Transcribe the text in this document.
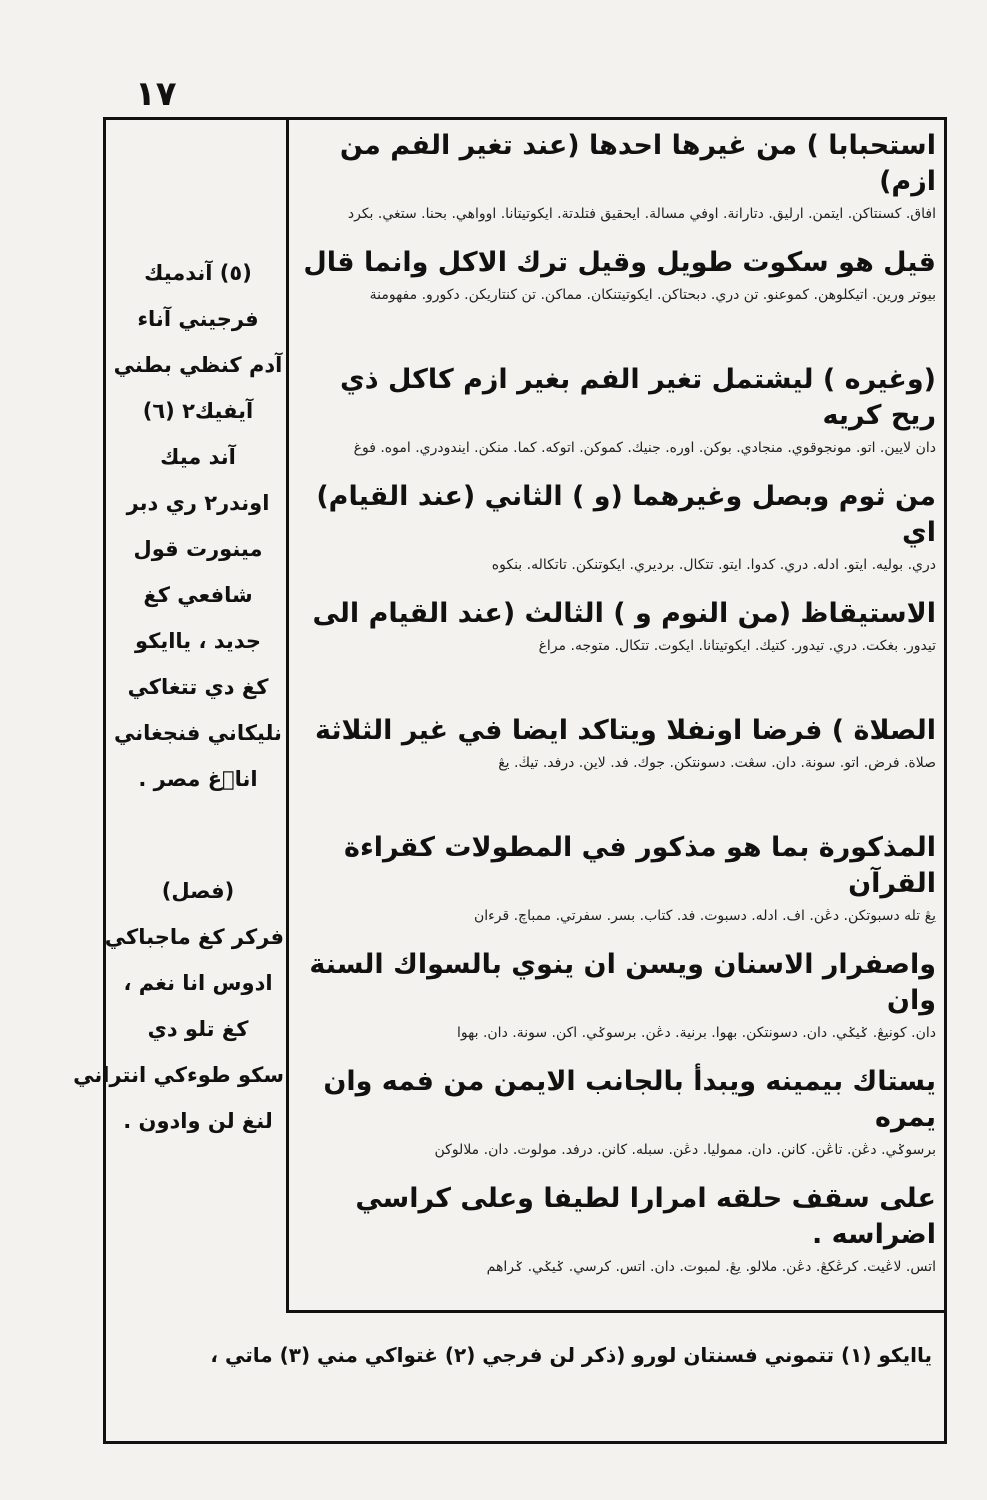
١٧
استحبابا ) من غيرها احدها (عند تغير الفم من ازم)
افاق. كسنتاكن. ايتمن. ارليق. دتارانة. اوفي مسالة. ايحقيق فتلدتة. ايكوتيتانا. اوواهي. بحنا. ستغي. بكرد
قيل هو سكوت طويل وقيل ترك الاكل وانما قال
بيوتر ورين. اتيكلوهن. كموعنو. تن دري. دبحتاكن. ايكوتيتنكان. مماكن. تن كنتاريكن. دكورو. مفهومنة
(وغيره ) ليشتمل تغير الفم بغير ازم كاكل ذي ريح كريه
دان لايين. اتو. مونجوقوي. منجادي. بوكن. اوره. جنيك. كموكن. اتوكه. كما. منكن. ايندودري. اموه. فوغ
من ثوم وبصل وغيرهما (و ) الثاني (عند القيام) اي
دري. بوليه. ايتو. ادله. دري. كدوا. ايتو. تتكال. برديري. ايكوتنكن. تاتكاله. بنكوه
الاستيقاظ (من النوم و ) الثالث (عند القيام الى
تيدور. بغكت. دري. تيدور. كتيك. ايكوتيتانا. ايكوت. تتكال. متوجه. مراغ
الصلاة ) فرضا اونفلا ويتاكد ايضا في غير الثلاثة
صلاة. فرض. اتو. سونة. دان. سڠت. دسونتكن. جوك. فد. لاين. درفد. تيڬ. يڠ
المذكورة بما هو مذكور في المطولات كقراءة القرآن
يڠ تله دسبوتكن. دڠن. اف. ادله. دسبوت. فد. كتاب. بسر. سفرتي. ممباچ. قرءان
واصفرار الاسنان ويسن ان ينوي بالسواك السنة وان
دان. كونيڠ. ݢيݢي. دان. دسونتكن. بهوا. برنية. دڠن. برسوݢي. اكن. سونة. دان. بهوا
يستاك بيمينه ويبدأ بالجانب الايمن من فمه وان يمره
برسوݢي. دڠن. تاڠن. كانن. دان. مموليا. دڠن. سبله. كانن. درفد. مولوت. دان. ملالوكن
على سقف حلقه امرارا لطيفا وعلى كراسي اضراسه .
اتس. لاڠيت. كرڠكڠ. دڠن. ملالو. يڠ. لمبوت. دان. اتس. كرسي. ݢيݢي. ݢراهم
(٥) آندميك
فرجيني آناء
آدم كنظي بطني
آيفيك٢ (٦)
آند ميك
اوندر٢ ري دبر
مينورت قول
شافعي كغ
جديد ، ياايكو
كغ دي تتغاكي
نليكاني فنجغاني
اناۤغ مصر .
(فصل)
فركر كغ ماجباكي
ادوس انا نغم ،
كغ تلو دي
سكو طوءكي انتراني
لنغ لن وادون .
ياايكو (١) تتموني فسنتان لورو (ذكر لن فرجي (٢) غتواكي مني (٣) ماتي ،
